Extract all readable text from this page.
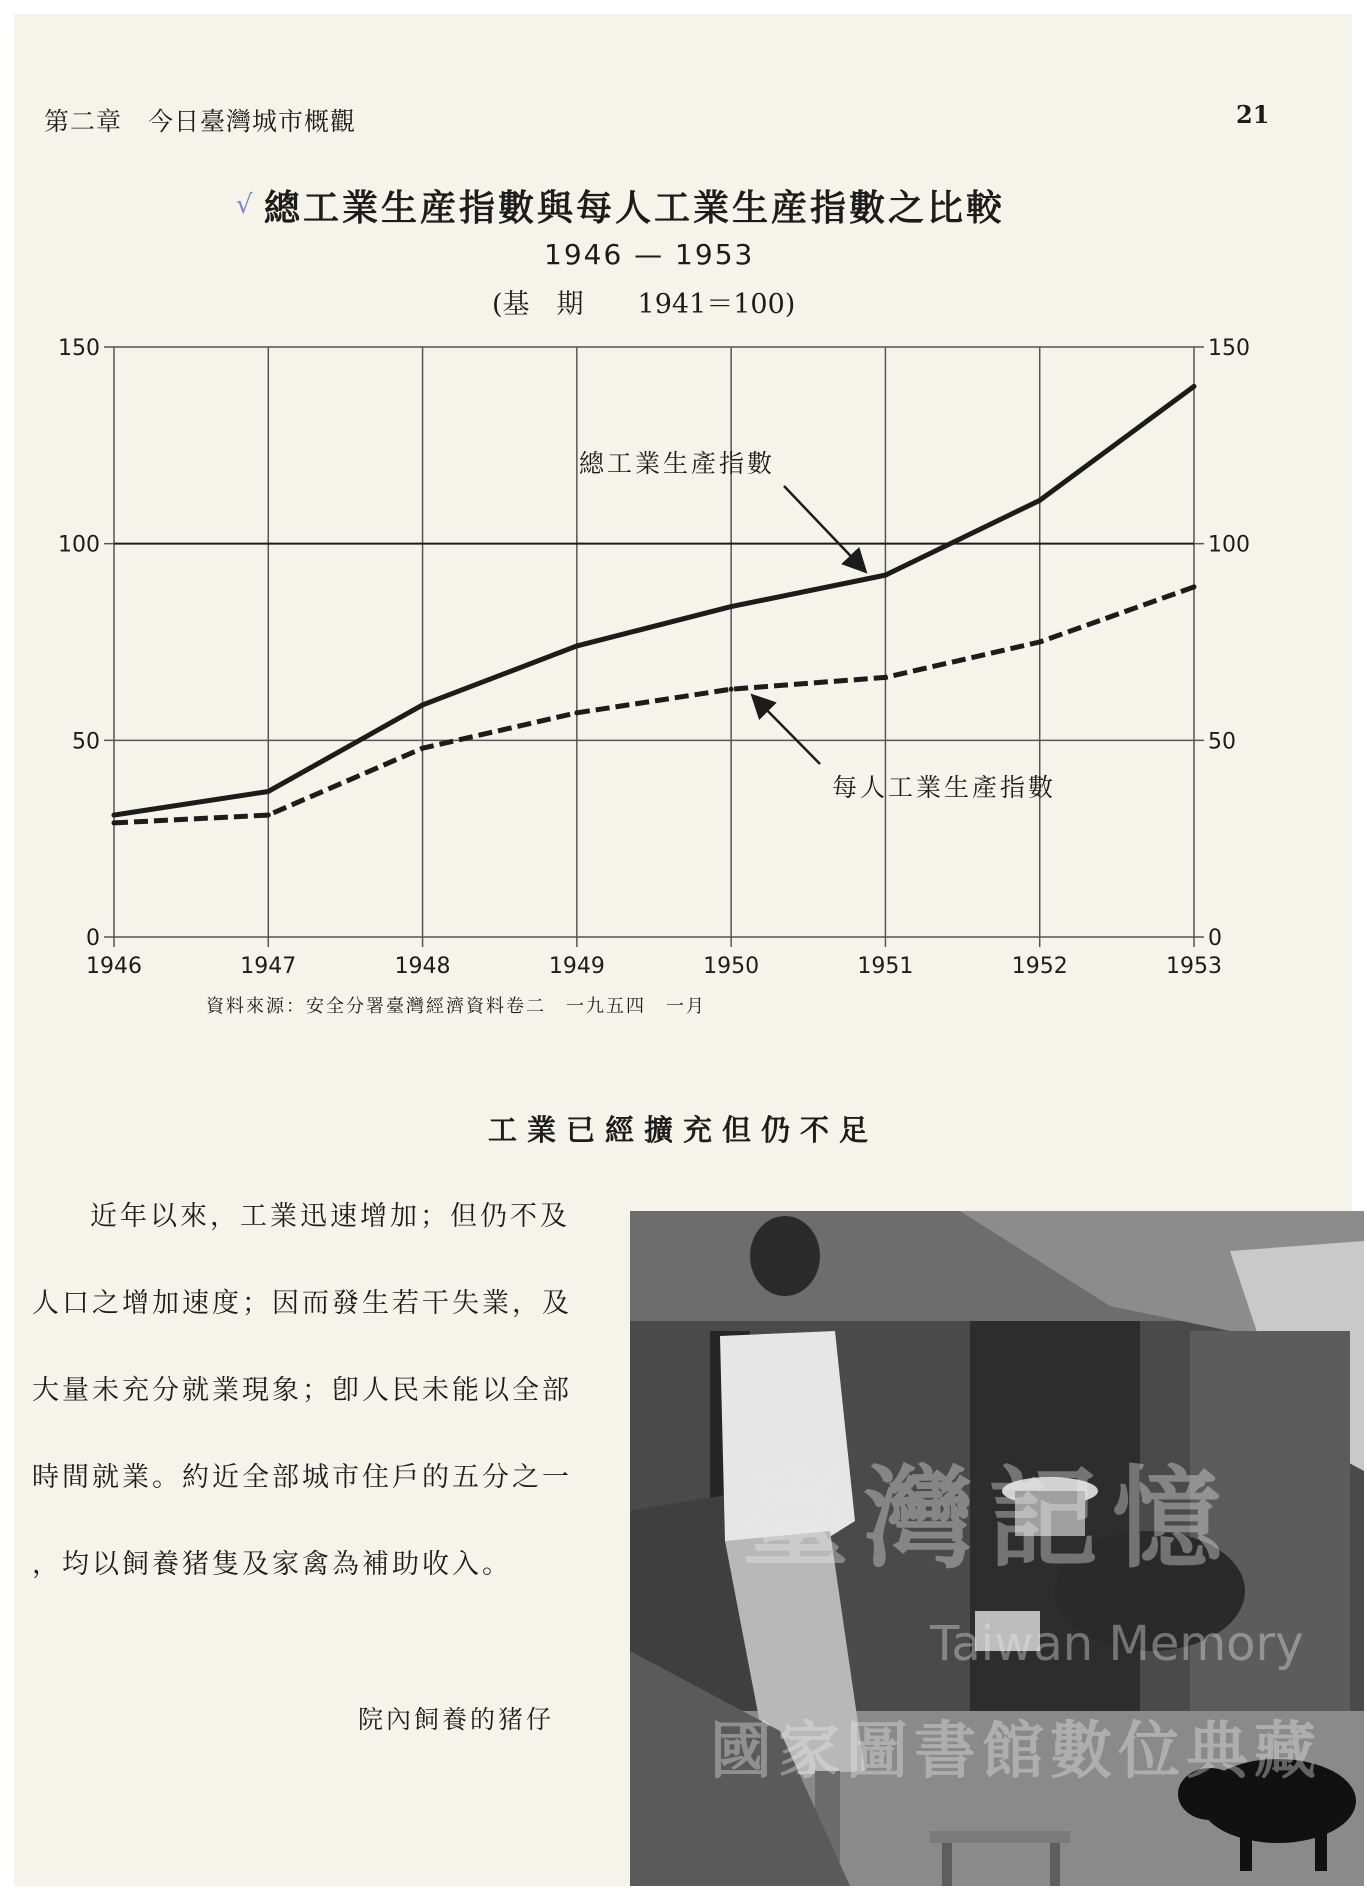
第二章　今日臺灣城市概觀	21
√ 總工業生産指數與每人工業生産指數之比較
1946 — 1953
(基　期　　1941＝100)
1946	1947	1948	1949	1950	1951	1952	1953
0	0
50	50
100	100
150	150
總工業生產指數
每人工業生產指數
資料來源：安全分署臺灣經濟資料卷二　一九五四　一月
工業已經擴充但仍不足
近年以來，工業迅速增加；但仍不及
人口之增加速度；因而發生若干失業，及
大量未充分就業現象；卽人民未能以全部
時間就業。約近全部城市住戶的五分之一
，均以飼養猪隻及家禽為補助收入。
院內飼養的猪仔
臺灣記憶
Taiwan Memory
國家圖書館數位典藏
